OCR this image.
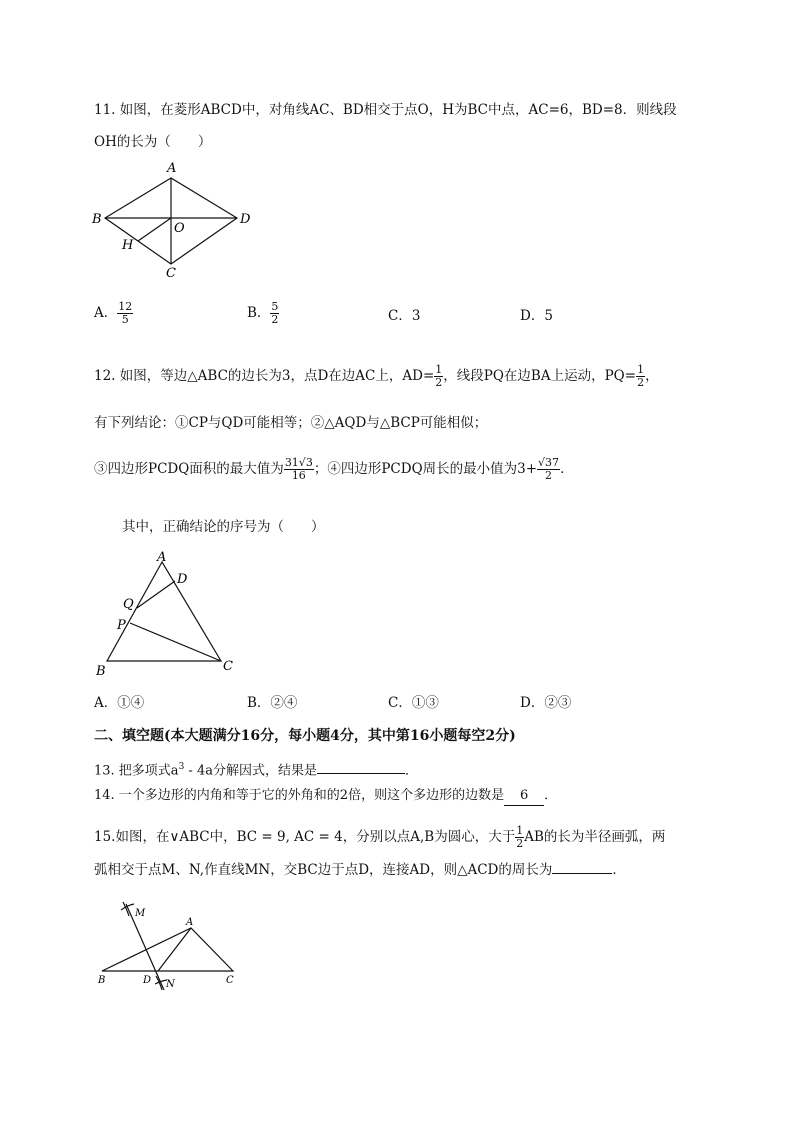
11. 如图，在菱形ABCD中，对角线AC、BD相交于点O，H为BC中点，AC=6，BD=8．则线段
OH的长为（　　）
A
B
C
D
O
H
A． $\frac{12}{5}$	B． $\frac{5}{2}$	C．3	D．5
12. 如图，等边△ABC的边长为3，点D在边AC上，$AD= \frac{1}{2}$ ，线段PQ在边BA上运动，$PQ= \frac{1}{2}$ ，
有下列结论：①CP与QD可能相等；②△AQD与△BCP可能相似；
③四边形PCDQ面积的最大值为 $\frac{31√3}{16}$ ；④四边形PCDQ周长的最小值为$3+ \frac{√37}{2}$ ．
其中，正确结论的序号为（　　）
A
B	C
D
Q
P
A．①④	B．②④	C．①③	D．②③
二、填空题(本大题满分16分，每小题4分，其中第16小题每空2分)
13. 把多项式$a^3 - 4a$分解因式，结果是	．
14. 一个多边形的内角和等于它的外角和的2倍，则这个多边形的边数是 6 ．
15.如图，在∨ABC中，BC = 9, AC = 4，分别以点A,B为圆心，大于 $\frac{1}{2}$ AB的长为半径画弧，两
弧相交于点M、N,作直线MN，交BC边于点D，连接AD，则△ACD的周长为	．
M
A
B	D N	C
